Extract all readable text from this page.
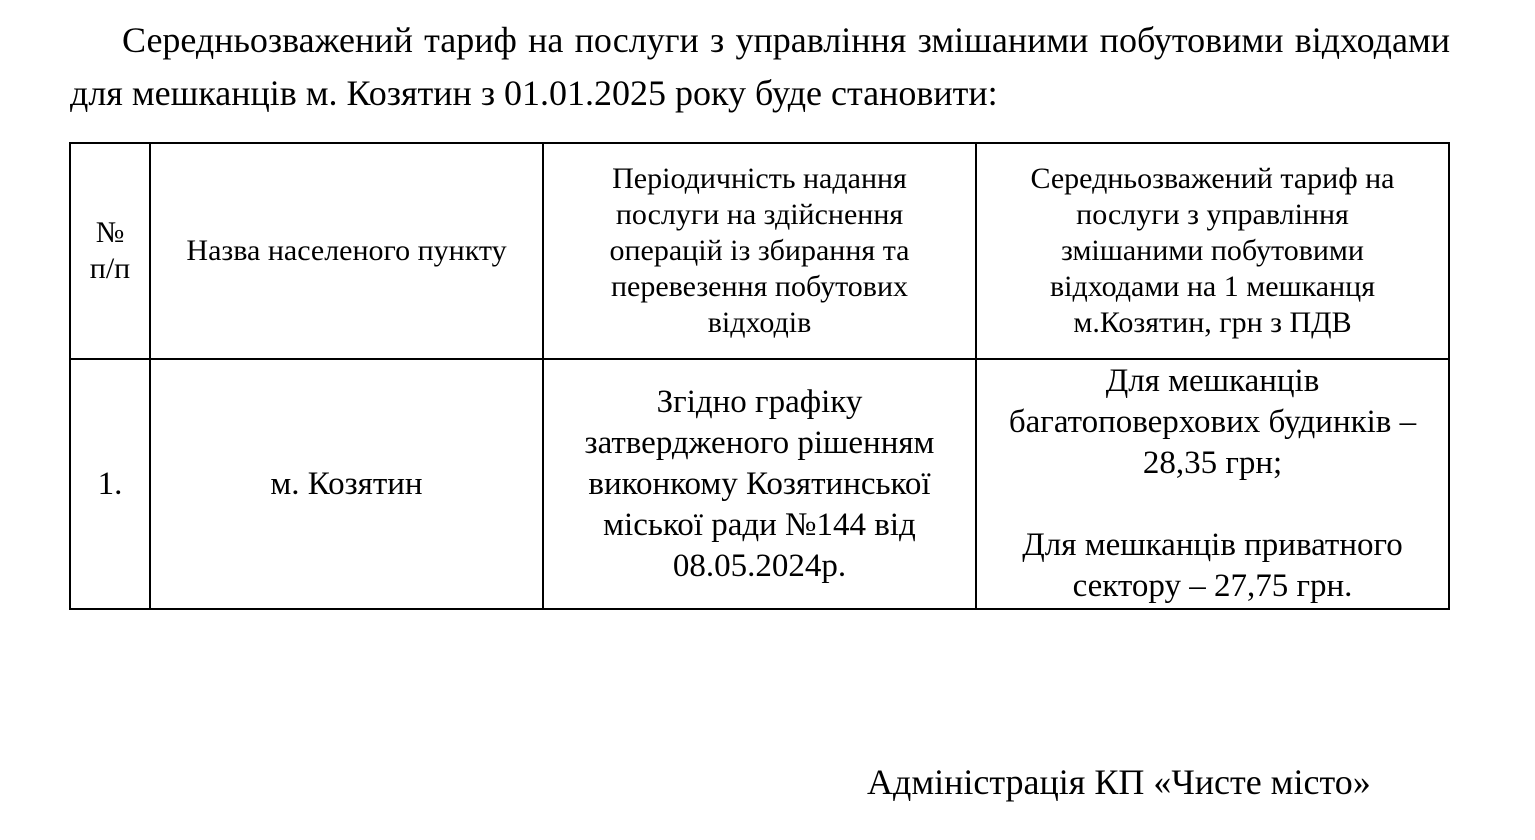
Середньозважений тариф на послуги з управління змішаними побутовими відходами для мешканців м. Козятин з 01.01.2025 року буде становити:

№ п/п	Назва населеного пункту	Періодичність надання послуги на здійснення операцій із збирання та перевезення побутових відходів	Середньозважений тариф на послуги з управління змішаними побутовими відходами на 1 мешканця м.Козятин, грн з ПДВ
1.	м. Козятин	Згідно графіку затвердженого рішенням виконкому Козятинської міської ради №144 від 08.05.2024р.	Для мешканців багатоповерхових будинків – 28,35 грн;
Для мешканців приватного сектору – 27,75 грн.
Адміністрація КП «Чисте місто»
